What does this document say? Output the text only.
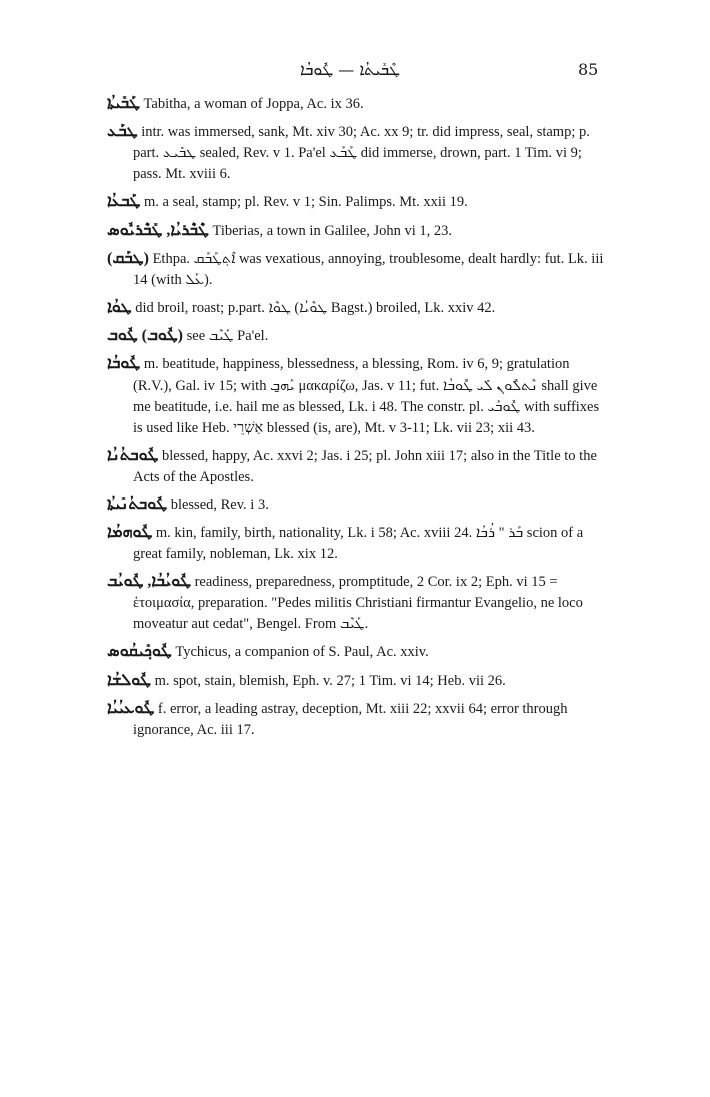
ܛܶܒܺܝܬܳܐ — ܛܽܘܒܳܐ	85

ܛܰܒܺܝܬܳܐ Tabitha, a woman of Joppa, Ac. ix 36.

ܛܒܰܥ intr. was immersed, sank, Mt. xiv 30; Ac. xx 9; tr. did impress, seal, stamp; p. part. ܛܒܺܝܥ sealed, Rev. v 1. Pa'el ܛܰܒܰܥ did immerse, drown, part. 1 Tim. vi 9; pass. Mt. xviii 6.

ܛܰܒܥܳܐ m. a seal, stamp; pl. Rev. v 1; Sin. Palimps. Mt. xxii 19.

ܛܶܒܶܪܝܳܐ, ܛܺܒܶܪܝܽܘܣ Tiberias, a town in Galilee, John vi 1, 23.

(ܛܒܰܩ) Ethpa. ܐܶܬ݂ܛܰܒܰܩ was vexatious, annoying, troublesome, dealt hardly: fut. Lk. iii 14 (with ܥܰܠ).

ܛܘܳܐ did broil, roast; p.part. ܛܘܶܐ (ܛܘܶܝܳܐ Bagst.) broiled, Lk. xxiv 42.

(ܛܽܘܒ) ܛܽܘܒ see ܛܰܝܶܒ Pa'el.

ܛܽܘܒܳܐ m. beatitude, happiness, blessedness, a blessing, Rom. iv 6, 9; gratulation (R.V.), Gal. iv 15; with ܝܰܗ̱ܒ μακαρίζω, Jas. v 11; fut. ܢܶܬܠܽܘܢ ܠܺܝ ܛܽܘܒܳܐ shall give me beatitude, i.e. hail me as blessed, Lk. i 48. The constr. pl. ܛܽܘܒܰܝ with suffixes is used like Heb. אַשְׁרֵי blessed (is, are), Mt. v 3-11; Lk. vii 23; xii 43.

ܛܽܘܒܬܳܢܳܐ blessed, happy, Ac. xxvi 2; Jas. i 25; pl. John xiii 17; also in the Title to the Acts of the Apostles.

ܛܽܘܒܬܳܢܺܝܬܳܐ blessed, Rev. i 3.

ܛܽܘܗܡܳܐ m. kin, family, birth, nationality, Lk. i 58; Ac. xviii 24. ܒܰܪ " ܪܳܒܳܐ scion of a great family, nobleman, Lk. xix 12.

ܛܽܘܝܳܒܳܐ, ܛܽܘܝܳܒ readiness, preparedness, promptitude, 2 Cor. ix 2; Eph. vi 15 = ἑτοιμασία, preparation. "Pedes militis Christiani firmantur Evangelio, ne loco moveatur aut cedat", Bengel. From ܛܰܝܶܒ.

ܛܽܘܟ݂ܺܝܩܳܘܣ Tychicus, a companion of S. Paul, Ac. xxiv.

ܛܽܘܠܫܳܐ m. spot, stain, blemish, Eph. v. 27; 1 Tim. vi 14; Heb. vii 26.

ܛܽܘܥܝܳܝܳܐ f. error, a leading astray, deception, Mt. xiii 22; xxvii 64; error through ignorance, Ac. iii 17.
